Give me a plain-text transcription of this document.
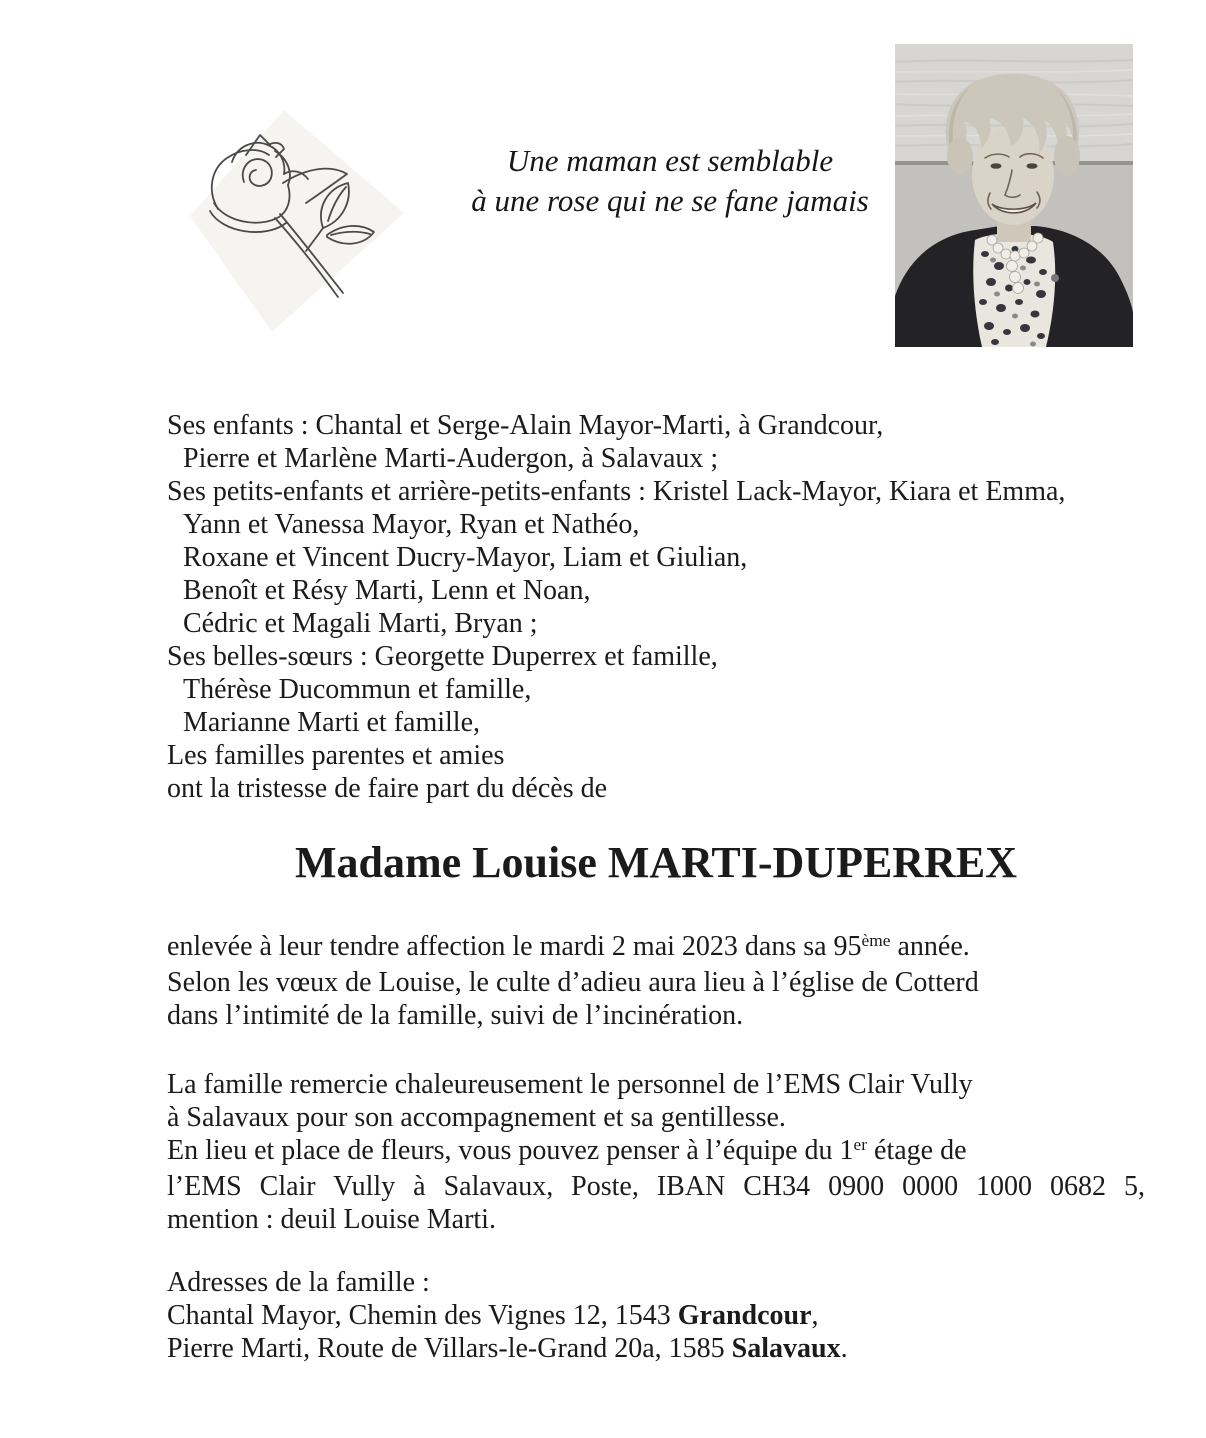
Une maman est semblable
à une rose qui ne se fane jamais
Ses enfants : Chantal et Serge-Alain Mayor-Marti, à Grandcour,
Pierre et Marlène Marti-Audergon, à Salavaux ;
Ses petits-enfants et arrière-petits-enfants : Kristel Lack-Mayor, Kiara et Emma,
Yann et Vanessa Mayor, Ryan et Nathéo,
Roxane et Vincent Ducry-Mayor, Liam et Giulian,
Benoît et Résy Marti, Lenn et Noan,
Cédric et Magali Marti, Bryan ;
Ses belles-sœurs : Georgette Duperrex et famille,
Thérèse Ducommun et famille,
Marianne Marti et famille,
Les familles parentes et amies
ont la tristesse de faire part du décès de
Madame Louise MARTI-DUPERREX
enlevée à leur tendre affection le mardi 2 mai 2023 dans sa 95ème année.
Selon les vœux de Louise, le culte d’adieu aura lieu à l’église de Cotterd
dans l’intimité de la famille, suivi de l’incinération.
La famille remercie chaleureusement le personnel de l’EMS Clair Vully
à Salavaux pour son accompagnement et sa gentillesse.
En lieu et place de fleurs, vous pouvez penser à l’équipe du 1er étage de
l’EMS Clair Vully à Salavaux, Poste, IBAN CH34 0900 0000 1000 0682 5,
mention : deuil Louise Marti.
Adresses de la famille :
Chantal Mayor, Chemin des Vignes 12, 1543 Grandcour,
Pierre Marti, Route de Villars-le-Grand 20a, 1585 Salavaux.
